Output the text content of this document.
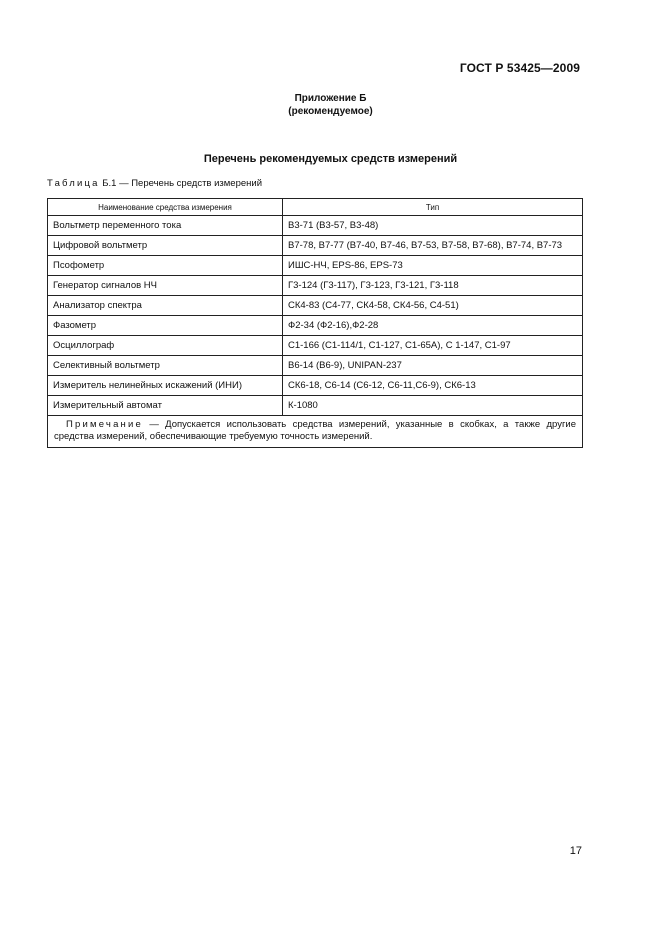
ГОСТ Р 53425—2009
Приложение Б
(рекомендуемое)
Перечень рекомендуемых средств измерений
Таблица Б.1 — Перечень средств измерений
Наименование средства измерения	Тип
Вольтметр переменного тока	В3-71 (В3-57, В3-48)
Цифровой вольтметр	В7-78, В7-77 (В7-40, В7-46, В7-53, В7-58, В7-68), В7-74, В7-73
Псофометр	ИШС-НЧ, EPS-86, EPS-73
Генератор сигналов НЧ	Г3-124 (Г3-117), Г3-123, Г3-121, Г3-118
Анализатор спектра	СК4-83 (С4-77, СК4-58, СК4-56, С4-51)
Фазометр	Ф2-34 (Ф2-16),Ф2-28
Осциллограф	С1-166 (С1-114/1, С1-127, С1-65А), С 1-147, С1-97
Селективный вольтметр	В6-14 (В6-9), UNIPAN-237
Измеритель нелинейных искажений (ИНИ)	СК6-18, С6-14 (С6-12, С6-11,С6-9), СК6-13
Измерительный автомат	К-1080
Примечание — Допускается использовать средства измерений, указанные в скобках, а также другие средства измерений, обеспечивающие требуемую точность измерений.	
17
